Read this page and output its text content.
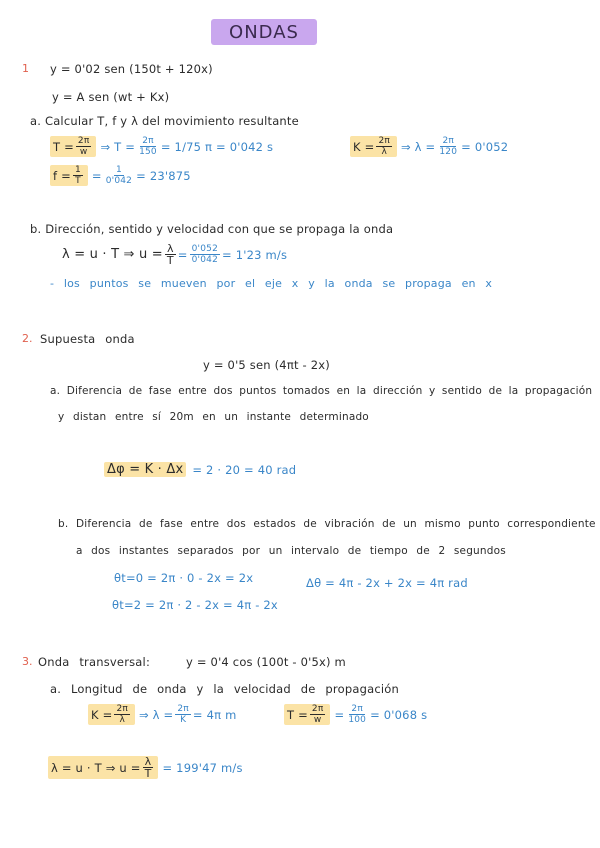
ONDAS
1 y = 0'02 sen (150t + 120x)
y = A sen (wt + Kx)
a. Calcular T, f y λ del movimiento resultante
$T = \frac{2\pi}{w}$ ⇒ $T = \frac{2\pi}{150} = 1/75$ π = 0'042 s	$K = \frac{2\pi}{\lambda}$ ⇒ $\lambda = \frac{2\pi}{120} = 0'052$
$f = \frac{1}{T} = \frac{1}{0'042} = 23'875$
b. Dirección, sentido y velocidad con que se propaga la onda
λ = u · T ⇒ $u = \frac{\lambda}{T} = \frac{0'052}{0'042} = 1'23$ m/s
- los puntos se mueven por el eje x y la onda se propaga en x
2. Supuesta onda
y = 0'5 sen (4πt - 2x)
a. Diferencia de fase entre dos puntos tomados en la dirección y sentido de la propagación
y distan entre sí 20m en un instante determinado
Δφ = K · Δx = 2 · 20 = 40 rad
b. Diferencia de fase entre dos estados de vibración de un mismo punto correspondiente
a dos instantes separados por un intervalo de tiempo de 2 segundos
θt=0 = 2π · 0 - 2x = 2x
θt=2 = 2π · 2 - 2x = 4π - 2x
Δθ = 4π - 2x + 2x = 4π rad
3. Onda transversal:	y = 0'4 cos (100t - 0'5x) m
a. Longitud de onda y la velocidad de propagación
$K = \frac{2\pi}{\lambda}$ ⇒ $\lambda = \frac{2\pi}{K} = 4\pi$ m	$T = \frac{2\pi}{w} = \frac{2\pi}{100} = 0'068$ s
λ = u · T ⇒ $u = \frac{\lambda}{T} = 199'47$ m/s
